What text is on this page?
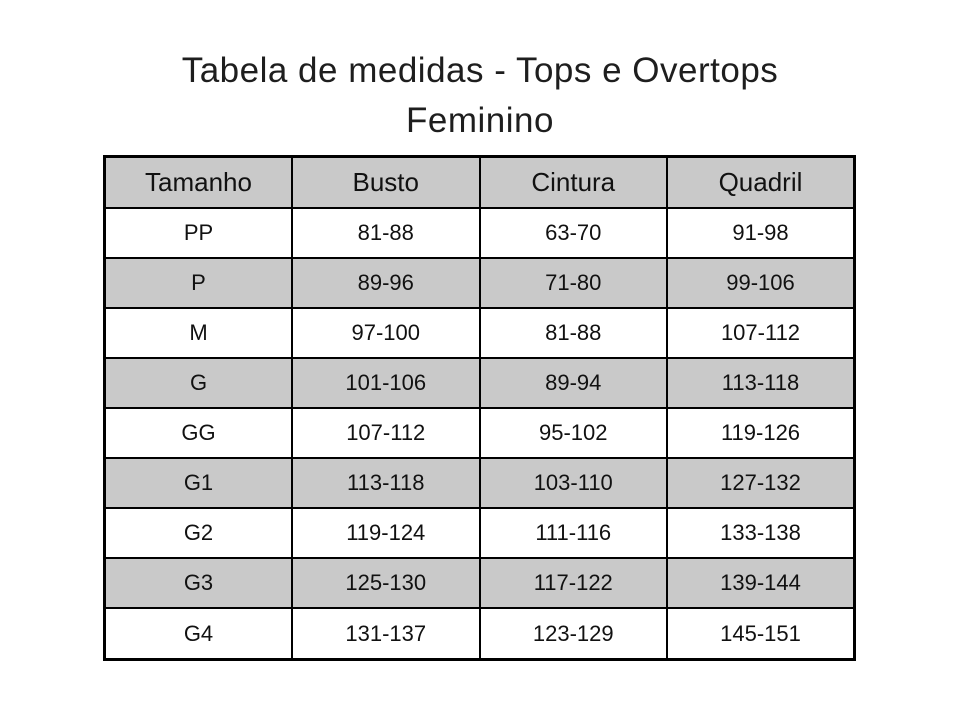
Tabela de medidas - Tops e Overtops
Feminino
Tamanho	Busto	Cintura	Quadril
PP	81-88	63-70	91-98
P	89-96	71-80	99-106
M	97-100	81-88	107-112
G	101-106	89-94	113-118
GG	107-112	95-102	119-126
G1	113-118	103-110	127-132
G2	119-124	111-116	133-138
G3	125-130	117-122	139-144
G4	131-137	123-129	145-151
